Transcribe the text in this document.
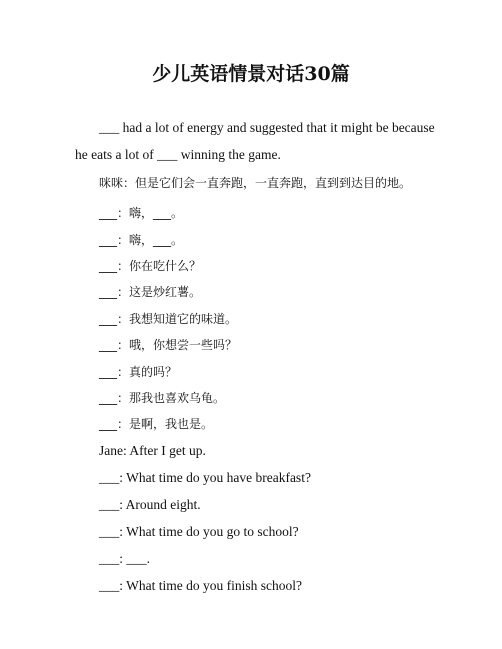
少儿英语情景对话30篇

___ had a lot of energy and suggested that it might be because

he eats a lot of ___ winning the game.

咪咪：但是它们会一直奔跑，一直奔跑，直到到达目的地。

___：嗨，___。

___：嗨，___。

___：你在吃什么？

___：这是炒红薯。

___：我想知道它的味道。

___：哦，你想尝一些吗？

___：真的吗？

___：那我也喜欢乌龟。

___：是啊，我也是。

Jane: After I get up.

___: What time do you have breakfast?

___: Around eight.

___: What time do you go to school?

___: ___.

___: What time do you finish school?
